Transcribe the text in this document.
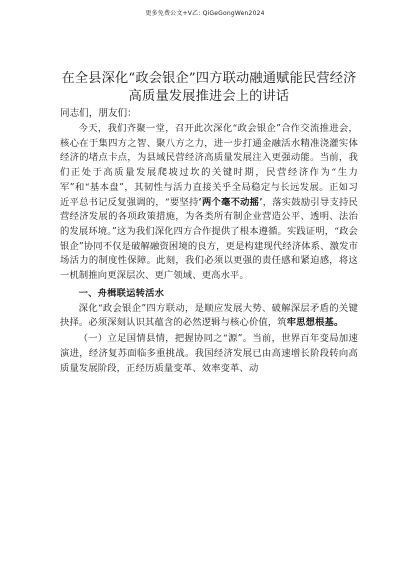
更多免费公文+V乙: QiGeGongWen2024
在全县深化“政会银企”四方联动融通赋能民营经济高质量发展推进会上的讲话
同志们，朋友们：

今天，我们齐聚一堂，召开此次深化“政会银企”合作交流推进会，核心在于集四方之智、聚八方之力，进一步打通金融活水精准浇灌实体经济的堵点卡点，为县域民营经济高质量发展注入更强动能。当前，我们正处于高质量发展爬坡过坎的关键时期，民营经济作为“生力军”和“基本盘”，其韧性与活力直接关乎全局稳定与长远发展。正如习近平总书记反复强调的，“要坚持‘两个毫不动摇’，落实鼓励引导支持民营经济发展的各项政策措施，为各类所有制企业营造公平、透明、法治的发展环境。”这为我们深化四方合作提供了根本遵循。实践证明，“政会银企”协同不仅是破解融资困境的良方，更是构建现代经济体系、激发市场活力的制度性保障。此刻，我们必须以更强的责任感和紧迫感，将这一机制推向更深层次、更广领域、更高水平。

一、舟楫联运转活水

深化“政会银企”四方联动，是顺应发展大势、破解深层矛盾的关键抉择。必须深刻认识其蕴含的必然逻辑与核心价值，筑牢思想根基。

（一）立足国情县情，把握协同之“源”。当前，世界百年变局加速演进，经济复苏面临多重挑战。我国经济发展已由高速增长阶段转向高质量发展阶段，正经历质量变革、效率变革、动
